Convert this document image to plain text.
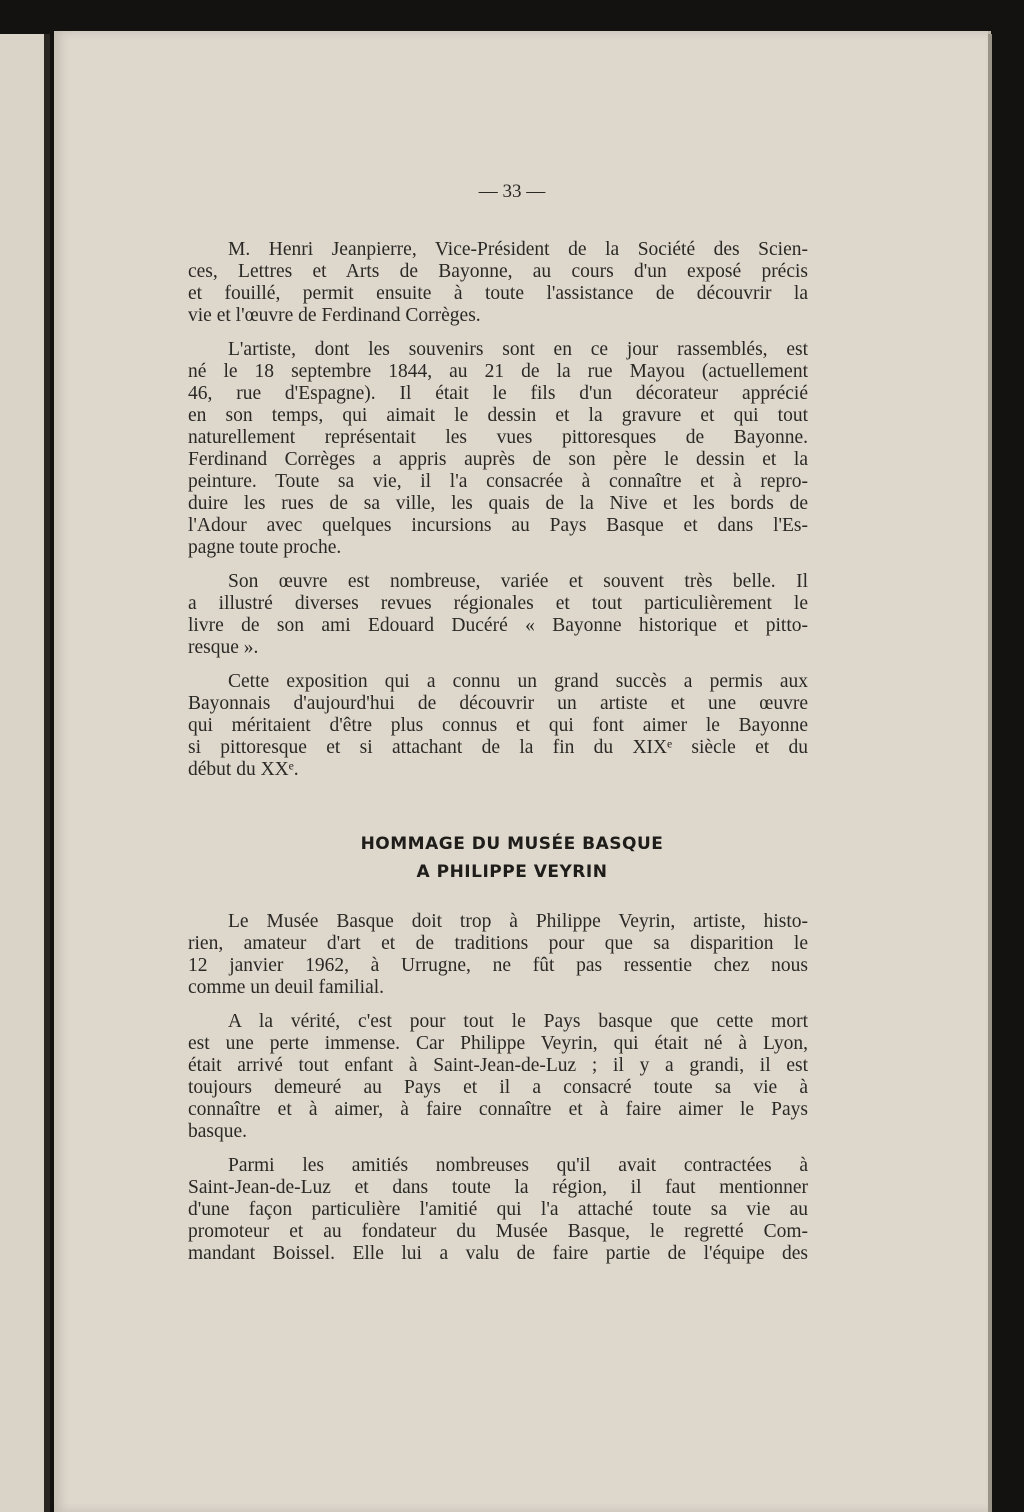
— 33 —
M. Henri Jeanpierre, Vice-Président de la Société des Scien-
ces, Lettres et Arts de Bayonne, au cours d'un exposé précis
et fouillé, permit ensuite à toute l'assistance de découvrir la
vie et l'œuvre de Ferdinand Corrèges.
L'artiste, dont les souvenirs sont en ce jour rassemblés, est
né le 18 septembre 1844, au 21 de la rue Mayou (actuellement
46, rue d'Espagne). Il était le fils d'un décorateur apprécié
en son temps, qui aimait le dessin et la gravure et qui tout
naturellement représentait les vues pittoresques de Bayonne.
Ferdinand Corrèges a appris auprès de son père le dessin et la
peinture. Toute sa vie, il l'a consacrée à connaître et à repro-
duire les rues de sa ville, les quais de la Nive et les bords de
l'Adour avec quelques incursions au Pays Basque et dans l'Es-
pagne toute proche.
Son œuvre est nombreuse, variée et souvent très belle. Il
a illustré diverses revues régionales et tout particulièrement le
livre de son ami Edouard Ducéré « Bayonne historique et pitto-
resque ».
Cette exposition qui a connu un grand succès a permis aux
Bayonnais d'aujourd'hui de découvrir un artiste et une œuvre
qui méritaient d'être plus connus et qui font aimer le Bayonne
si pittoresque et si attachant de la fin du XIXᵉ siècle et du
début du XXᵉ.
Le Musée Basque doit trop à Philippe Veyrin, artiste, histo-
rien, amateur d'art et de traditions pour que sa disparition le
12 janvier 1962, à Urrugne, ne fût pas ressentie chez nous
comme un deuil familial.
A la vérité, c'est pour tout le Pays basque que cette mort
est une perte immense. Car Philippe Veyrin, qui était né à Lyon,
était arrivé tout enfant à Saint-Jean-de-Luz ; il y a grandi, il est
toujours demeuré au Pays et il a consacré toute sa vie à
connaître et à aimer, à faire connaître et à faire aimer le Pays
basque.
Parmi les amitiés nombreuses qu'il avait contractées à
Saint-Jean-de-Luz et dans toute la région, il faut mentionner
d'une façon particulière l'amitié qui l'a attaché toute sa vie au
promoteur et au fondateur du Musée Basque, le regretté Com-
mandant Boissel. Elle lui a valu de faire partie de l'équipe des
HOMMAGE DU MUSÉE BASQUE
A PHILIPPE VEYRIN
